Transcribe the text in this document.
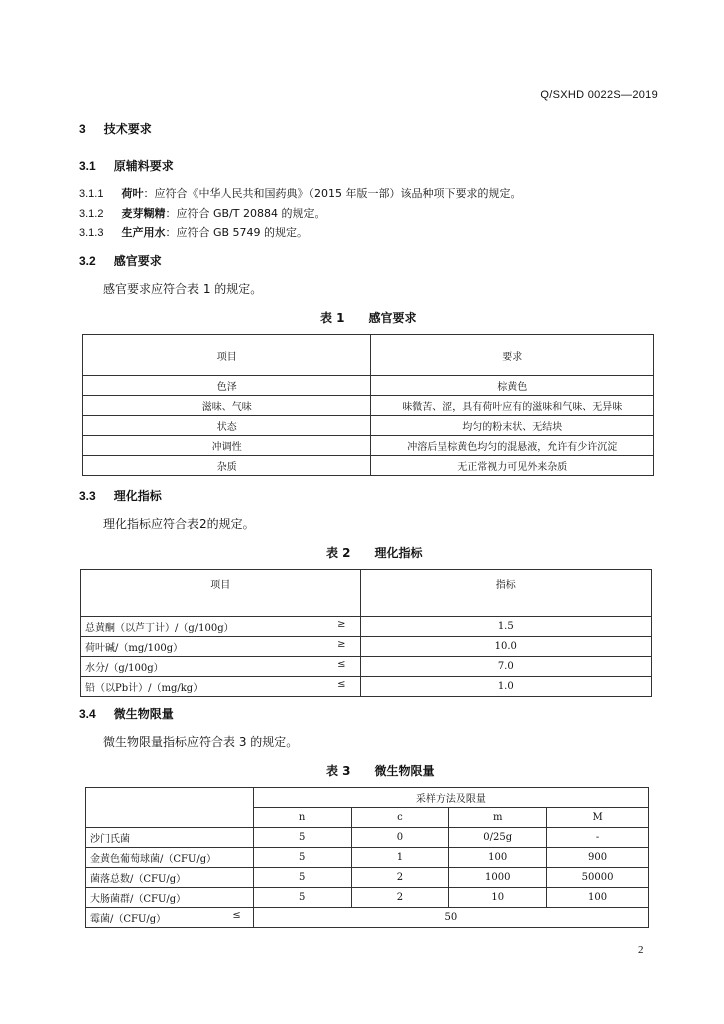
Q/SXHD 0022S—2019
3 技术要求
3.1 原辅料要求
3.1.1 荷叶：应符合《中华人民共和国药典》（2015 年版一部）该品种项下要求的规定。
3.1.2 麦芽糊精：应符合 GB/T 20884 的规定。
3.1.3 生产用水：应符合 GB 5749 的规定。
3.2 感官要求
感官要求应符合表 1 的规定。
表 1　　感官要求
项目	要求
色泽	棕黄色
滋味、气味	味微苦、涩，具有荷叶应有的滋味和气味、无异味
状态	均匀的粉末状、无结块
冲调性	冲溶后呈棕黄色均匀的混悬液，允许有少许沉淀
杂质	无正常视力可见外来杂质
3.3 理化指标
理化指标应符合表2的规定。
表 2　　理化指标
项目	指标
总黄酮（以芦丁计）/（g/100g） ≥	1.5
荷叶碱/（mg/100g） ≥	10.0
水分/（g/100g） ≤	7.0
铅（以Pb计）/（mg/kg） ≤	1.0
3.4 微生物限量
微生物限量指标应符合表 3 的规定。
表 3　　微生物限量
	采样方法及限量			
	n	c	m	M
沙门氏菌	5	0	0/25g	-
金黄色葡萄球菌/（CFU/g）	5	1	100	900
菌落总数/（CFU/g）	5	2	1000	50000
大肠菌群/（CFU/g）	5	2	10	100
霉菌/（CFU/g） ≤	50			
2
